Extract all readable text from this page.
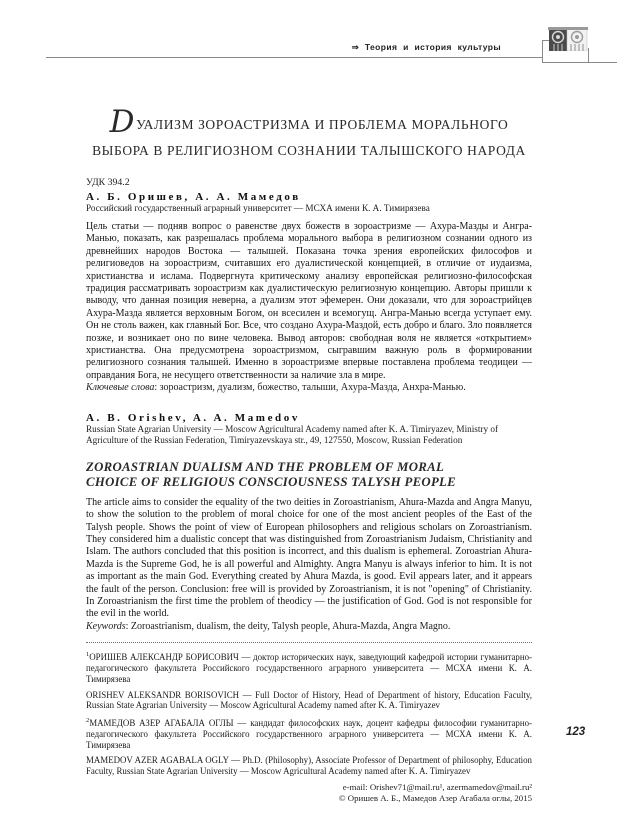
⇒ Теория и история культуры
DУАЛИЗМ ЗОРОАСТРИЗМА И ПРОБЛЕМА МОРАЛЬНОГО
ВЫБОРА В РЕЛИГИОЗНОМ СОЗНАНИИ ТАЛЫШСКОГО НАРОДА
УДК 394.2
А. Б. Оришев, А. А. Мамедов
Российский государственный аграрный университет — МСХА имени К. А. Тимирязева

Цель статьи — подняв вопрос о равенстве двух божеств в зороастризме — Ахура-Мазды и Ангра-Манью, показать, как разрешалась проблема морального выбора в религиозном сознании одного из древнейших народов Востока — талышей. Показана точка зрения европейских философов и религиоведов на зороастризм, считавших его дуалистической концепцией, в отличие от иудаизма, христианства и ислама. Подвергнута критическому анализу европейская религиозно-философская традиция рассматривать зороастризм как дуалистическую религиозную концепцию. Авторы пришли к выводу, что данная позиция неверна, а дуализм этот эфемерен. Они доказали, что для зороастрийцев Ахура-Мазда является верховным Богом, он всесилен и всемогущ. Ангра-Манью всегда уступает ему. Он не столь важен, как главный Бог. Все, что создано Ахура-Маздой, есть добро и благо. Зло появляется позже, и возникает оно по вине человека. Вывод авторов: свободная воля не является «открытием» христианства. Она предусмотрена зороастризмом, сыгравшим важную роль в формировании религиозного сознания талышей. Именно в зороастризме впервые поставлена проблема теодицеи — оправдания Бога, не несущего ответственности за наличие зла в мире.

Ключевые слова: зороастризм, дуализм, божество, талыши, Ахура-Мазда, Анхра-Манью.

A. B. Orishev, A. A. Mamedov
Russian State Agrarian University — Moscow Agricultural Academy named after K. A. Timiryazev, Ministry of Agriculture of the Russian Federation, Timiryazevskaya str., 49, 127550, Moscow, Russian Federation
ZOROASTRIAN DUALISM AND THE PROBLEM OF MORAL
CHOICE OF RELIGIOUS CONSCIOUSNESS TALYSH PEOPLE

The article aims to consider the equality of the two deities in Zoroastrianism, Ahura-Mazda and Angra Manyu, to show the solution to the problem of moral choice for one of the most ancient peoples of the East of the Talysh people. Shows the point of view of European philosophers and religious scholars on Zoroastrianism. They considered him a dualistic concept that was distinguished from Zoroastrianism Judaism, Christianity and Islam. The authors concluded that this position is incorrect, and this dualism is ephemeral. Zoroastrian Ahura-Mazda is the Supreme God, he is all powerful and Almighty. Angra Manyu is always inferior to him. It is not as important as the main God. Everything created by Ahura Mazda, is good. Evil appears later, and it appears the fault of the person. Conclusion: free will is provided by Zoroastrianism, it is not "opening" of Christianity. In Zoroastrianism the first time the problem of theodicy — the justification of God. God is not responsible for the evil in the world.

Keywords: Zoroastrianism, dualism, the deity, Talysh people, Ahura-Mazda, Angra Magno.

$^1$ОРИШЕВ АЛЕКСАНДР БОРИСОВИЧ — доктор исторических наук, заведующий кафедрой истории гуманитарно-педагогического факультета Российского государственного аграрного университета — МСХА имени К. А. Тимирязева

ORISHEV ALEKSANDR BORISOVICH — Full Doctor of History, Head of Department of history, Education Faculty, Russian State Agrarian University — Moscow Agricultural Academy named after K. A. Timiryazev

$^2$МАМЕДОВ АЗЕР АГАБАЛА ОГЛЫ — кандидат философских наук, доцент кафедры философии гуманитарно-педагогического факультета Российского государственного аграрного университета — МСХА имени К. А. Тимирязева

MAMEDOV AZER AGABALA OGLY — Ph.D. (Philosophy), Associate Professor of Department of philosophy, Education Faculty, Russian State Agrarian University — Moscow Agricultural Academy named after K. A. Timiryazev

e-mail: Orishev71@mail.ru¹, azermamedov@mail.ru²
© Оришев А. Б., Мамедов Азер Агабала оглы, 2015
123
